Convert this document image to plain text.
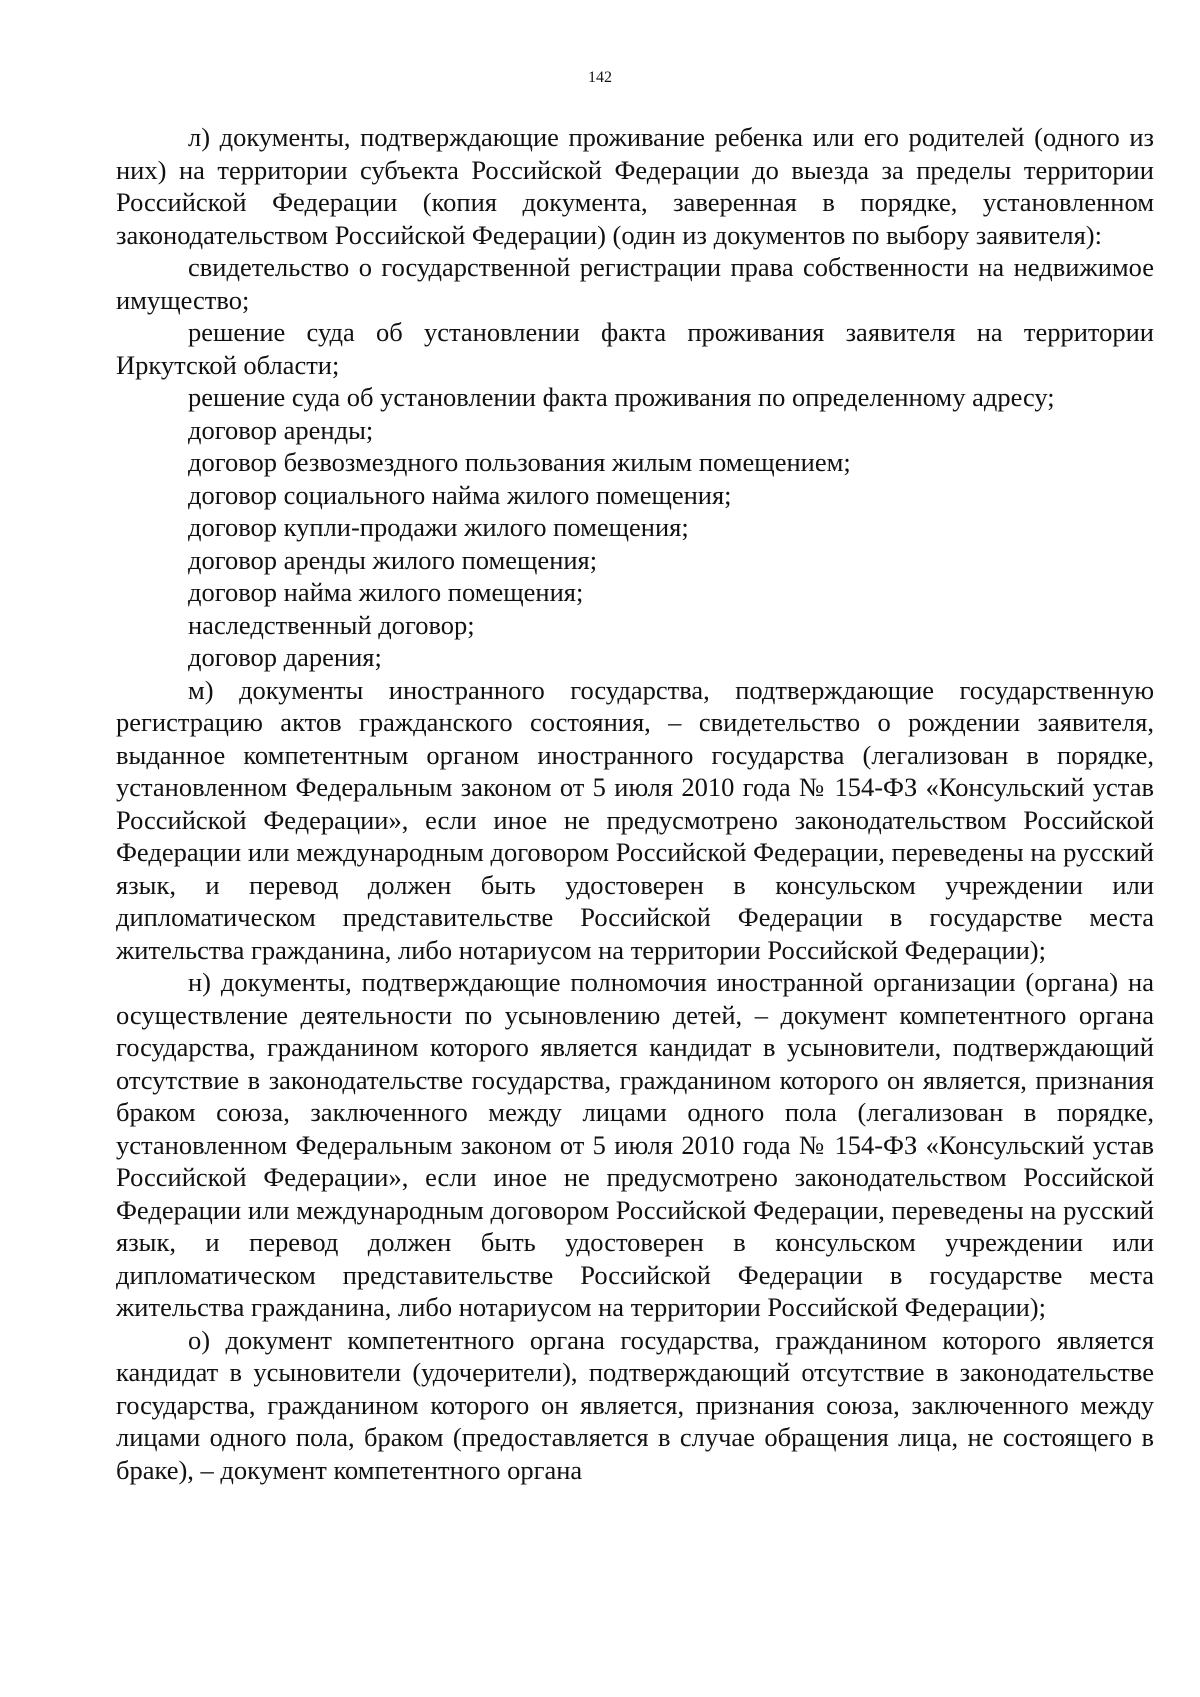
142

л) документы, подтверждающие проживание ребенка или его родителей (одного из них) на территории субъекта Российской Федерации до выезда за пределы территории Российской Федерации (копия документа, заверенная в порядке, установленном законодательством Российской Федерации) (один из документов по выбору заявителя):

свидетельство о государственной регистрации права собственности на недвижимое имущество;

решение суда об установлении факта проживания заявителя на территории Иркутской области;

решение суда об установлении факта проживания по определенному адресу;

договор аренды;

договор безвозмездного пользования жилым помещением;

договор социального найма жилого помещения;

договор купли-продажи жилого помещения;

договор аренды жилого помещения;

договор найма жилого помещения;

наследственный договор;

договор дарения;

м) документы иностранного государства, подтверждающие государственную регистрацию актов гражданского состояния, – свидетельство о рождении заявителя, выданное компетентным органом иностранного государства (легализован в порядке, установленном Федеральным законом от 5 июля 2010 года № 154-ФЗ «Консульский устав Российской Федерации», если иное не предусмотрено законодательством Российской Федерации или международным договором Российской Федерации, переведены на русский язык, и перевод должен быть удостоверен в консульском учреждении или дипломатическом представительстве Российской Федерации в государстве места жительства гражданина, либо нотариусом на территории Российской Федерации);

н) документы, подтверждающие полномочия иностранной организации (органа) на осуществление деятельности по усыновлению детей, – документ компетентного органа государства, гражданином которого является кандидат в усыновители, подтверждающий отсутствие в законодательстве государства, гражданином которого он является, признания браком союза, заключенного между лицами одного пола (легализован в порядке, установленном Федеральным законом от 5 июля 2010 года № 154-ФЗ «Консульский устав Российской Федерации», если иное не предусмотрено законодательством Российской Федерации или международным договором Российской Федерации, переведены на русский язык, и перевод должен быть удостоверен в консульском учреждении или дипломатическом представительстве Российской Федерации в государстве места жительства гражданина, либо нотариусом на территории Российской Федерации);

о) документ компетентного органа государства, гражданином которого является кандидат в усыновители (удочерители), подтверждающий отсутствие в законодательстве государства, гражданином которого он является, признания союза, заключенного между лицами одного пола, браком (предоставляется в случае обращения лица, не состоящего в браке), – документ компетентного органа
